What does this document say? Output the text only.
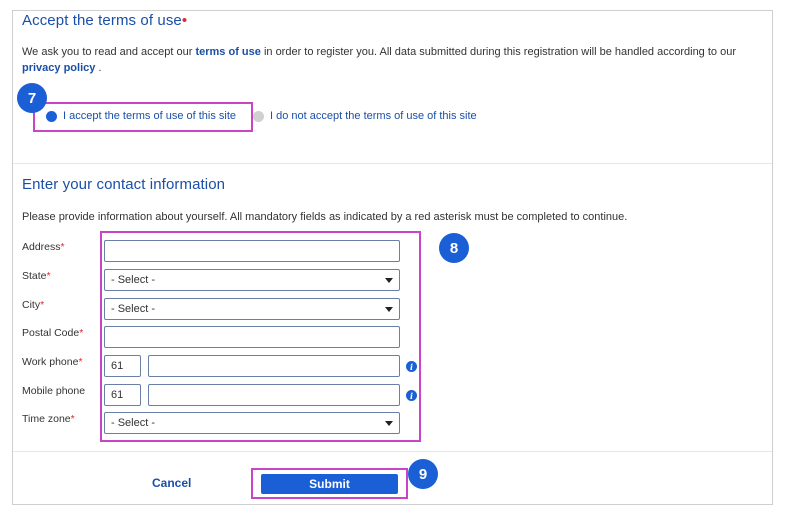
Accept the terms of use•
We ask you to read and accept our terms of use in order to register you. All data submitted during this registration will be handled according to our
privacy policy .
7
I accept the terms of use of this site	I do not accept the terms of use of this site
Enter your contact information
Please provide information about yourself. All mandatory fields as indicated by a red asterisk must be completed to continue.
8
Address*
State*	- Select -
City*	- Select -
Postal Code*
Work phone*	61	i
Mobile phone	61	i
Time zone*	- Select -
Cancel	Submit
9
